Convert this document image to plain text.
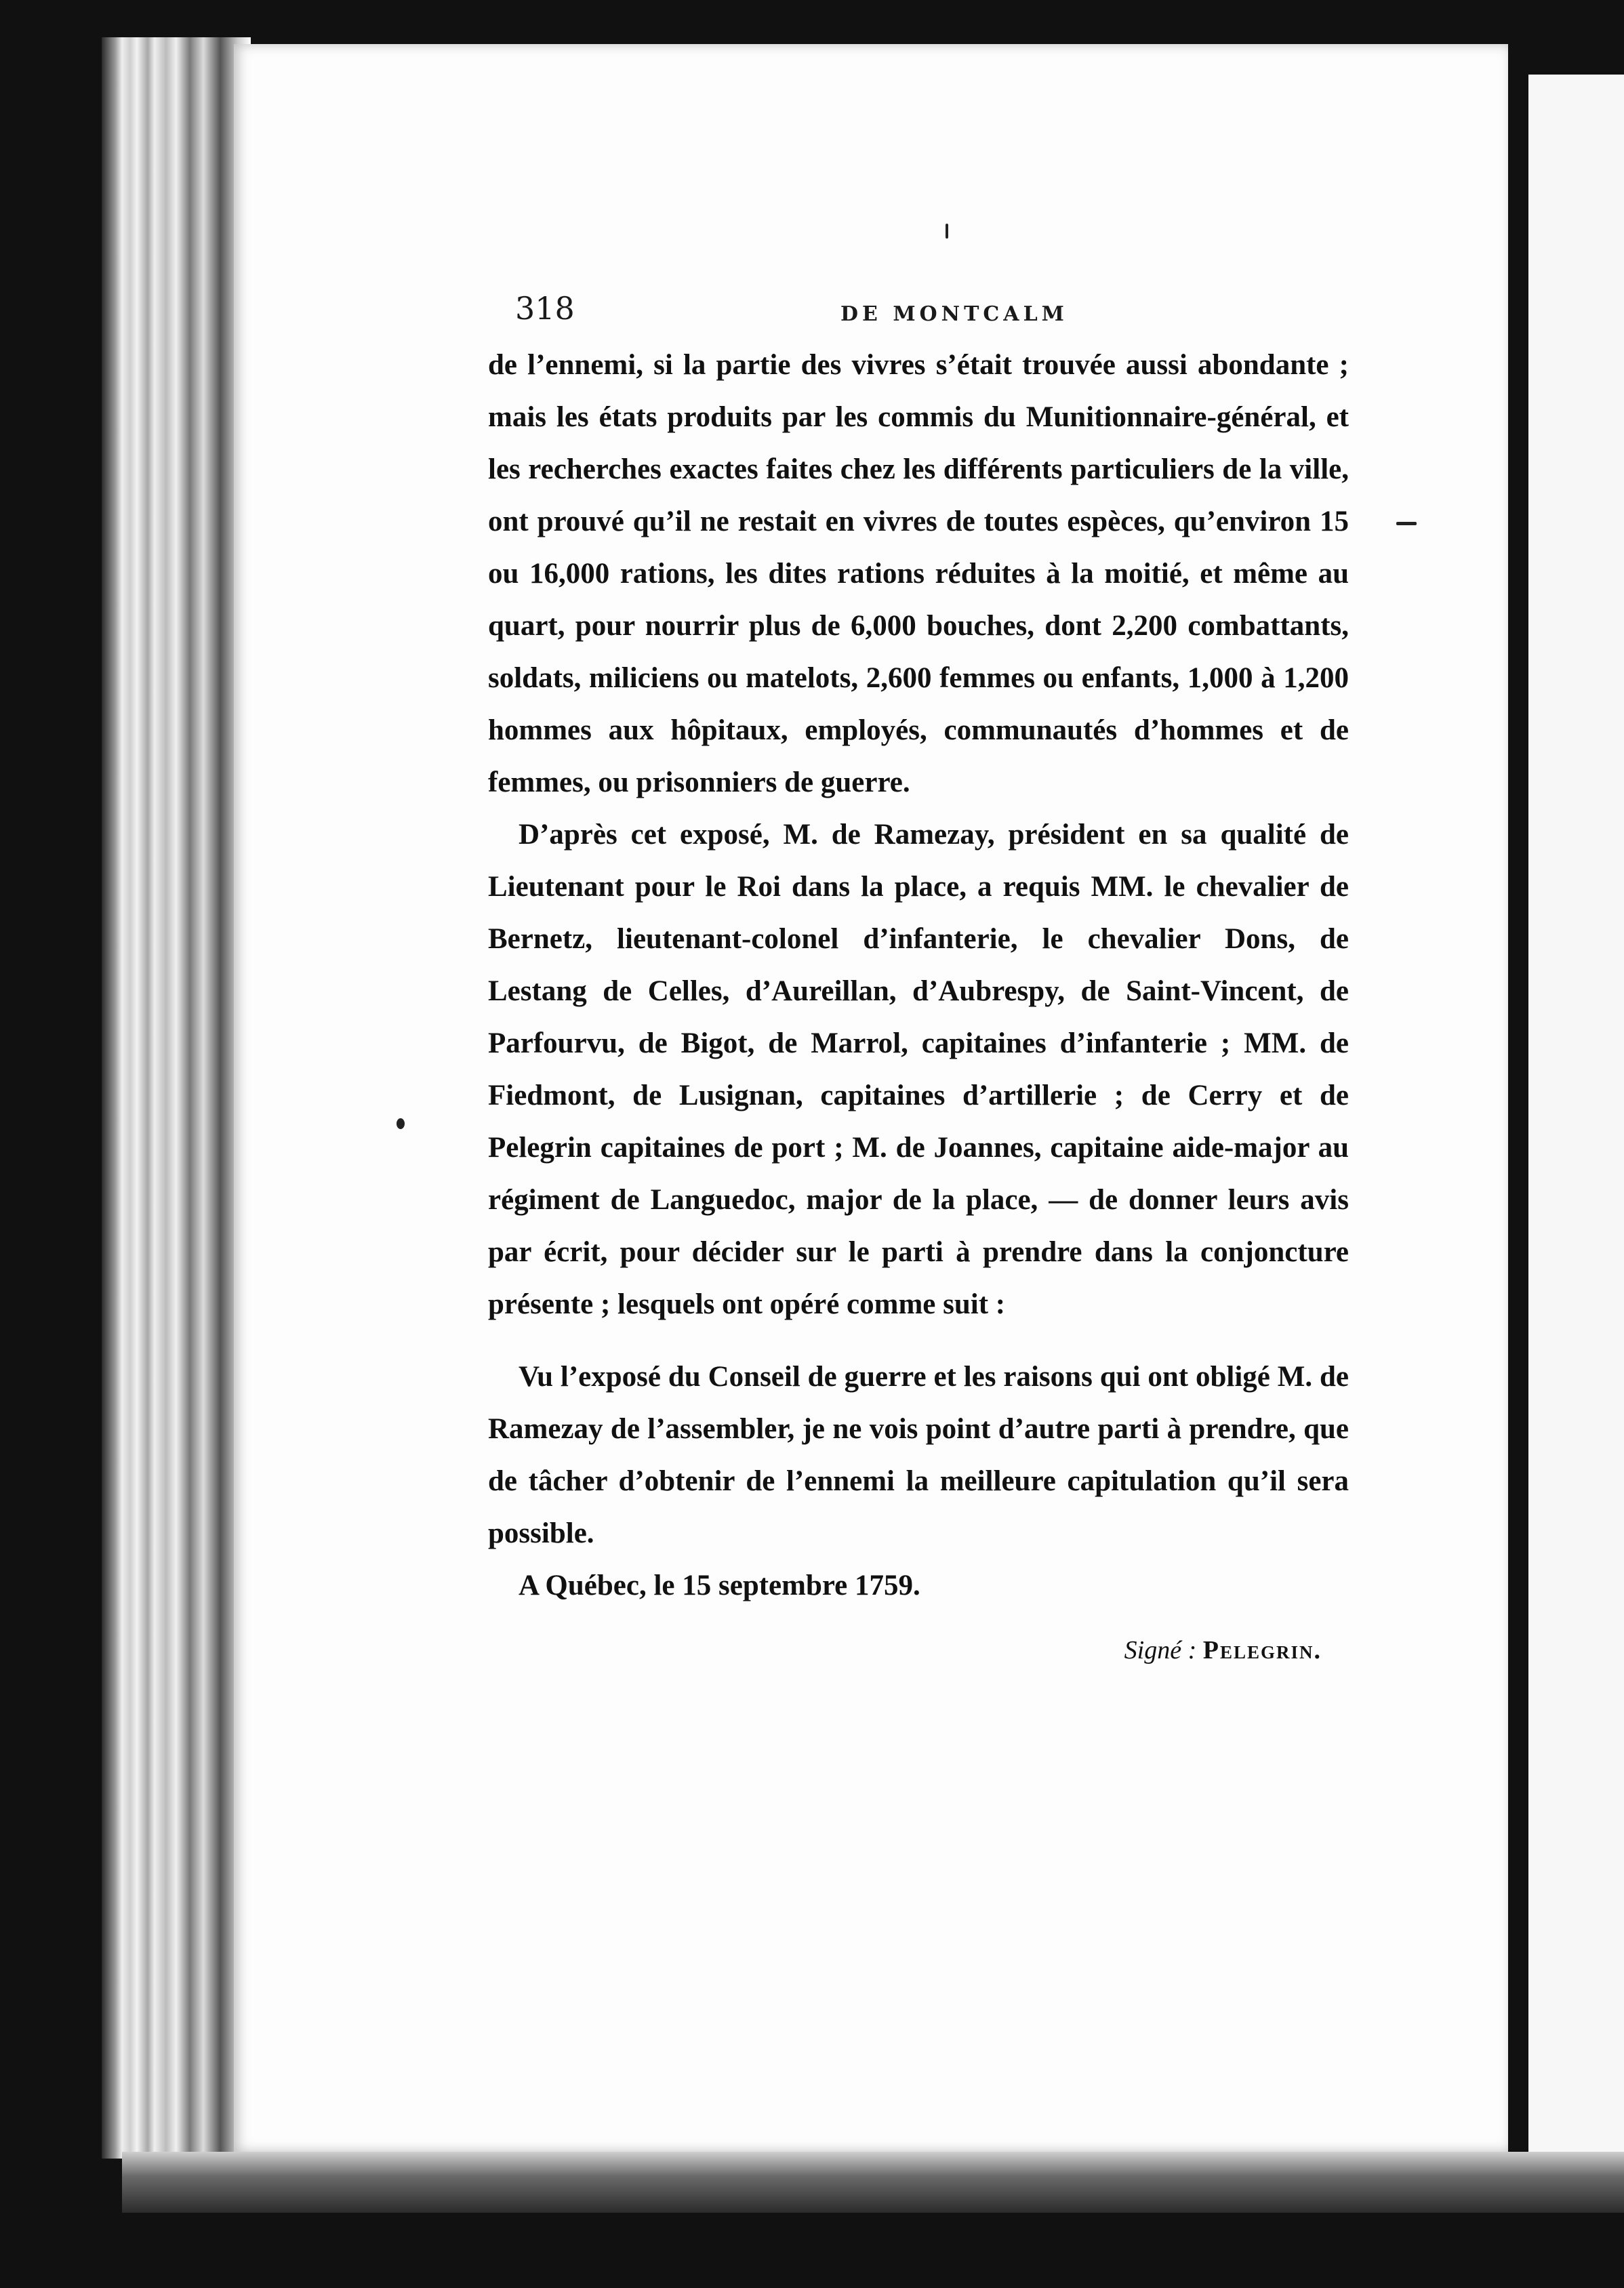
318	DE MONTCALM

de l’ennemi, si la partie des vivres s’était trouvée aussi abondante ; mais les états produits par les commis du Munitionnaire-général, et les recherches exactes faites chez les différents particuliers de la ville, ont prouvé qu’il ne restait en vivres de toutes espèces, qu’environ 15 ou 16,000 rations, les dites rations réduites à la moitié, et même au quart, pour nourrir plus de 6,000 bouches, dont 2,200 combattants, soldats, miliciens ou matelots, 2,600 femmes ou enfants, 1,000 à 1,200 hommes aux hôpitaux, employés, communautés d’hommes et de femmes, ou prisonniers de guerre.

D’après cet exposé, M. de Ramezay, président en sa qualité de Lieutenant pour le Roi dans la place, a requis MM. le chevalier de Bernetz, lieutenant-colonel d’infanterie, le chevalier Dons, de Lestang de Celles, d’Aureillan, d’Aubrespy, de Saint-Vincent, de Parfourvu, de Bigot, de Marrol, capitaines d’infanterie ; MM. de Fiedmont, de Lusignan, capitaines d’artillerie ; de Cerry et de Pelegrin capitaines de port ; M. de Joannes, capitaine aide-major au régiment de Languedoc, major de la place, — de donner leurs avis par écrit, pour décider sur le parti à prendre dans la conjoncture présente ; lesquels ont opéré comme suit :

Vu l’exposé du Conseil de guerre et les raisons qui ont obligé M. de Ramezay de l’assembler, je ne vois point d’autre parti à prendre, que de tâcher d’obtenir de l’ennemi la meilleure capitulation qu’il sera possible.

A Québec, le 15 septembre 1759.

Signé : Pelegrin.
